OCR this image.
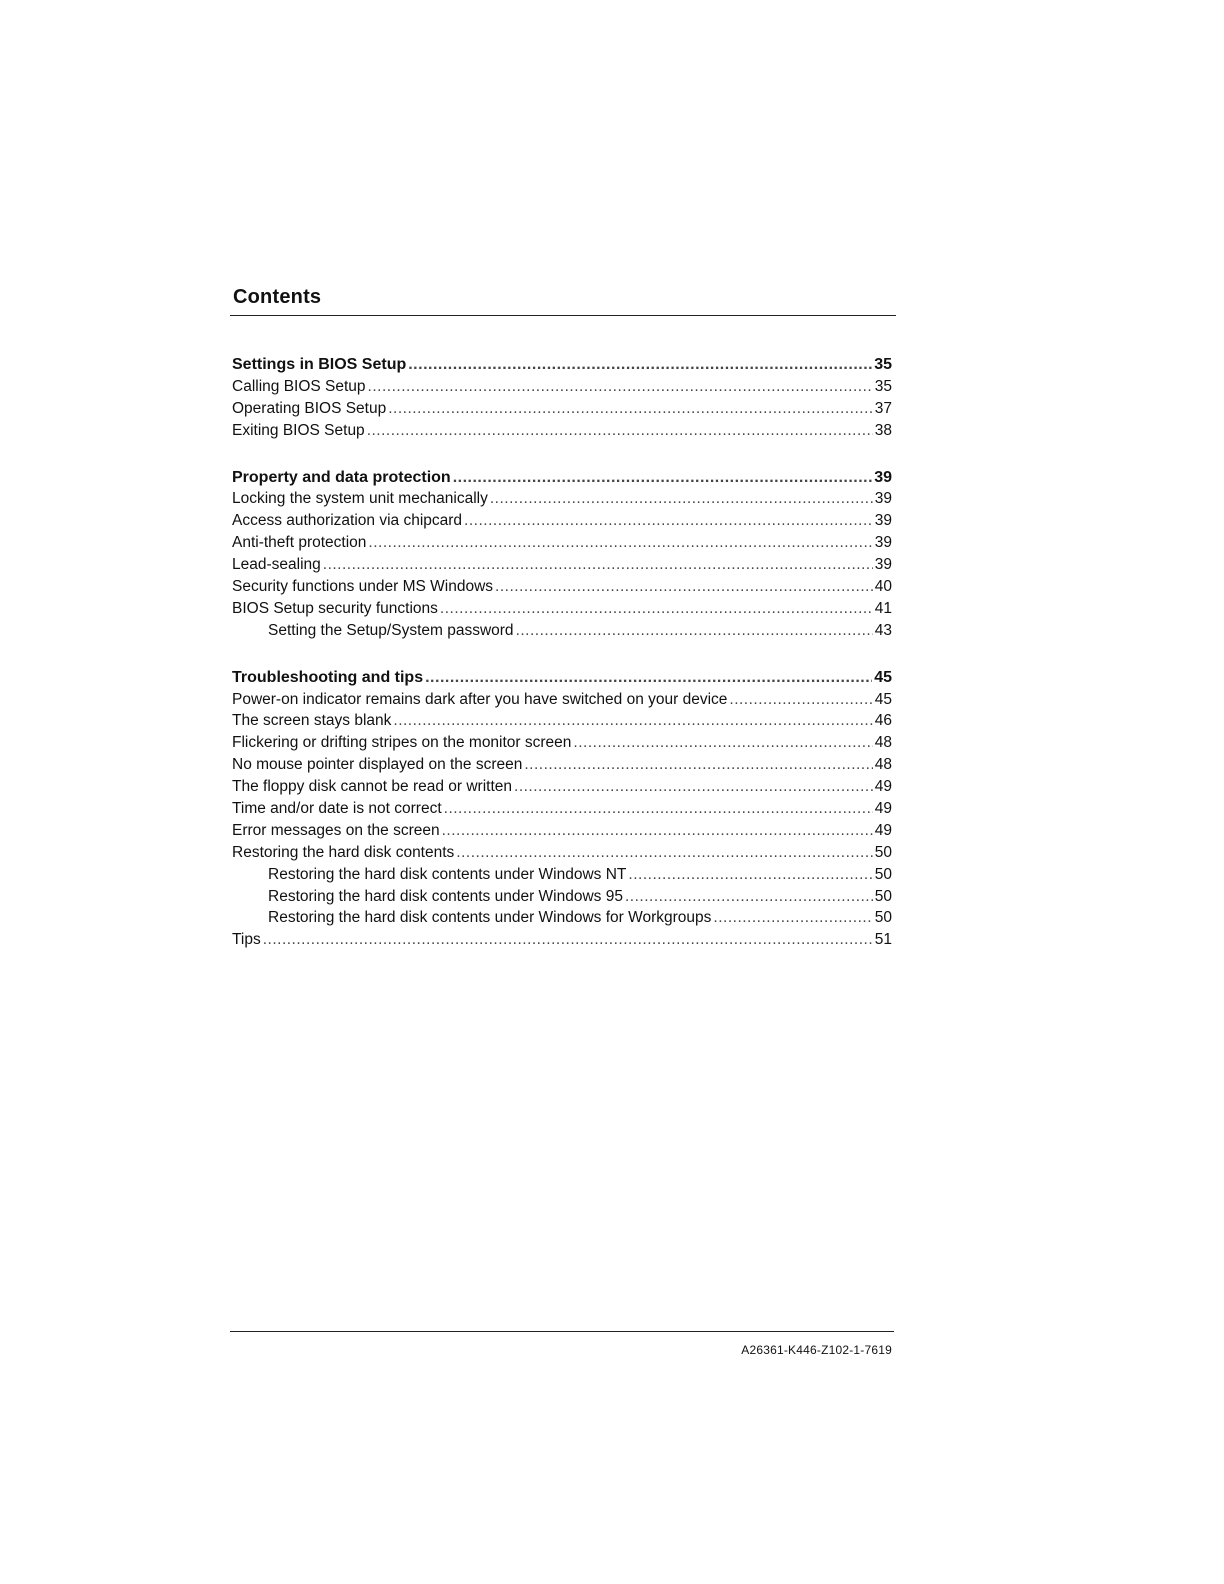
Contents
Settings in BIOS Setup .....	35
Calling BIOS Setup .....	35
Operating BIOS Setup .....	37
Exiting BIOS Setup .....	38
Property and data protection .....	39
Locking the system unit mechanically .....	39
Access authorization via chipcard .....	39
Anti-theft protection .....	39
Lead-sealing .....	39
Security functions under MS Windows .....	40
BIOS Setup security functions .....	41
Setting the Setup/System password .....	43
Troubleshooting and tips .....	45
Power-on indicator remains dark after you have switched on your device .....	45
The screen stays blank .....	46
Flickering or drifting stripes on the monitor screen .....	48
No mouse pointer displayed on the screen .....	48
The floppy disk cannot be read or written .....	49
Time and/or date is not correct .....	49
Error messages on the screen .....	49
Restoring the hard disk contents .....	50
Restoring the hard disk contents under Windows NT .....	50
Restoring the hard disk contents under Windows 95 .....	50
Restoring the hard disk contents under Windows for Workgroups .....	50
Tips .....	51
A26361-K446-Z102-1-7619
